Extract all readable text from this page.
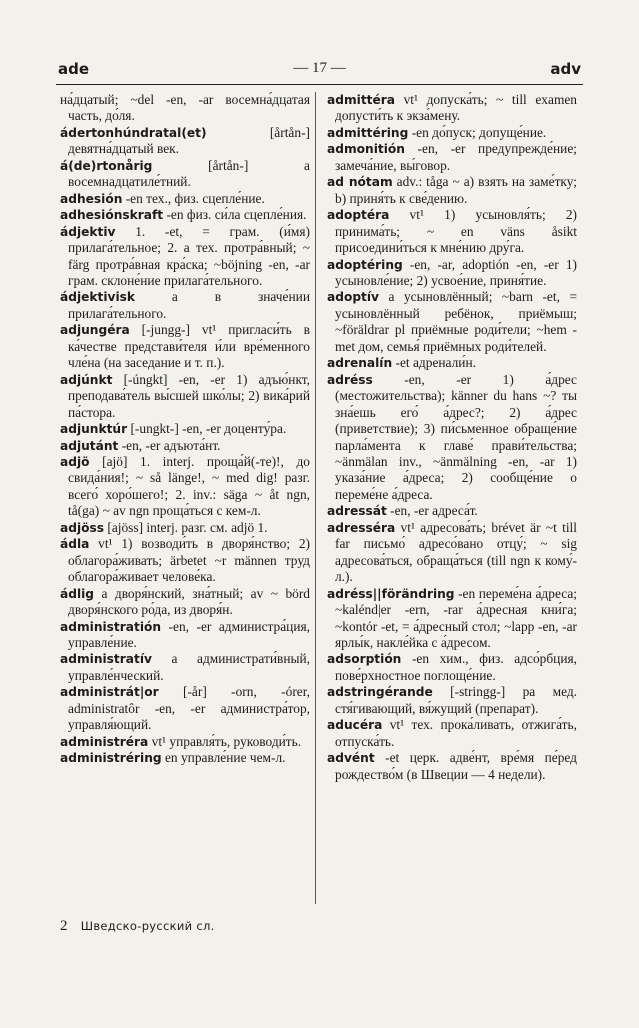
ade	— 17 —	adv

на́дцатый; ~del -en, -ar восемна́дцатая часть, до́ля.

ádertonhúndratal(et) [årtån-] девятна́дцатый век.

á(de)rtonårig [årtån-] а восемнадцатиле́тний.

adhesión -en тех., физ. сцепле́ние.

adhesiónskraft -en физ. си́ла сцепле́ния.

ádjektiv 1. -et, = грам. (и́мя) прилага́тельное; 2. а тех. протра́вный; ~ färg протра́вная кра́ска; ~böjning -en, -ar грам. склоне́ние прилага́тельного.

ádjektivisk а в значе́нии прилага́тельного.

adjungéra [-jungg-] vt¹ пригласи́ть в ка́честве представи́теля и́ли вре́менного чле́на (на заседание и т. п.).

adjúnkt [-úngkt] -en, -er 1) адъю́нкт, преподава́тель вы́сшей шко́лы; 2) вика́рий па́стора.

adjunktúr [-ungkt-] -en, -er доценту́ра.

adjutánt -en, -er адъюта́нт.

adjö [ajö] 1. interj. проща́й(-те)!, до свида́ния!; ~ så länge!, ~ med dig! разг. всего́ хоро́шего!; 2. inv.: säga ~ åt ngn, tå(ga) ~ av ngn проща́ться с кем-л.

adjöss [ajöss] interj. разг. см. adjö 1.

ádla vt¹ 1) возводи́ть в дворя́нство; 2) облагора́живать; ärbetet ~r männen труд облагора́живает челове́ка.

ádlig а дворя́нский, зна́тный; av ~ börd дворя́нского ро́да, из дворя́н.

administratión -en, -er администра́ция, управле́ние.

administratív а администрати́вный, управле́нческий.

administrát|or [-år] -orn, -órer, administratôr -en, -er администра́тор, управля́ющий.

administréra vt¹ управля́ть, руководи́ть.

administréring en управле́ние чем-л.

admittéra vt¹ допуска́ть; ~ till examen допусти́ть к экза́мену.

admittéring -en до́пуск; допуще́ние.

admonitión -en, -er предупрежде́ние; замеча́ние, вы́говор.

ad nótam adv.: tåga ~ a) взять на заме́тку; b) приня́ть к све́дению.

adoptéra vt¹ 1) усыновля́ть; 2) принима́ть; ~ en väns åsikt присоедини́ться к мне́нию дру́га.

adoptéring -en, -ar, adoptión -en, -er 1) усыновле́ние; 2) усвое́ние, приня́тие.

adoptív а усыновлённый; ~barn -et, = усыновлённый ребёнок, приёмыш; ~föräldrar pl приёмные роди́тели; ~hem -met дом, семья́ приёмных роди́телей.

adrenalín -et адренали́н.

adréss -en, -er 1) а́дрес (местожительства); känner du hans ~? ты зна́ешь его́ а́дрес?; 2) а́дрес (приветствие); 3) пи́сьменное обраще́ние парла́мента к главе́ прави́тельства; ~änmälan inv., ~änmälning -en, -ar 1) указа́ние а́дреса; 2) сообще́ние о переме́не а́дреса.

adressát -en, -er адреса́т.

adresséra vt¹ адресова́ть; brévet är ~t till far письмо́ адресо́вано отцу́; ~ sig адресова́ться, обраща́ться (till ngn к кому́-л.).

adréss||förändring -en переме́на а́дреса; ~kalénd|er -ern, -rar а́дресная кни́га; ~kontór -et, = а́дресный стол; ~lapp -en, -ar ярлы́к, накле́йка с а́дресом.

adsorptión -en хим., физ. адсо́рбция, пове́рхностное поглоще́ние.

adstringérande [-stringg-] pa мед. стя́гивающий, вя́жущий (препарат).

aducéra vt¹ тех. прока́ливать, отжига́ть, отпуска́ть.

advént -et церк. адве́нт, вре́мя пе́ред рождество́м (в Швеции — 4 недели).

2 Шведско-русский сл.
